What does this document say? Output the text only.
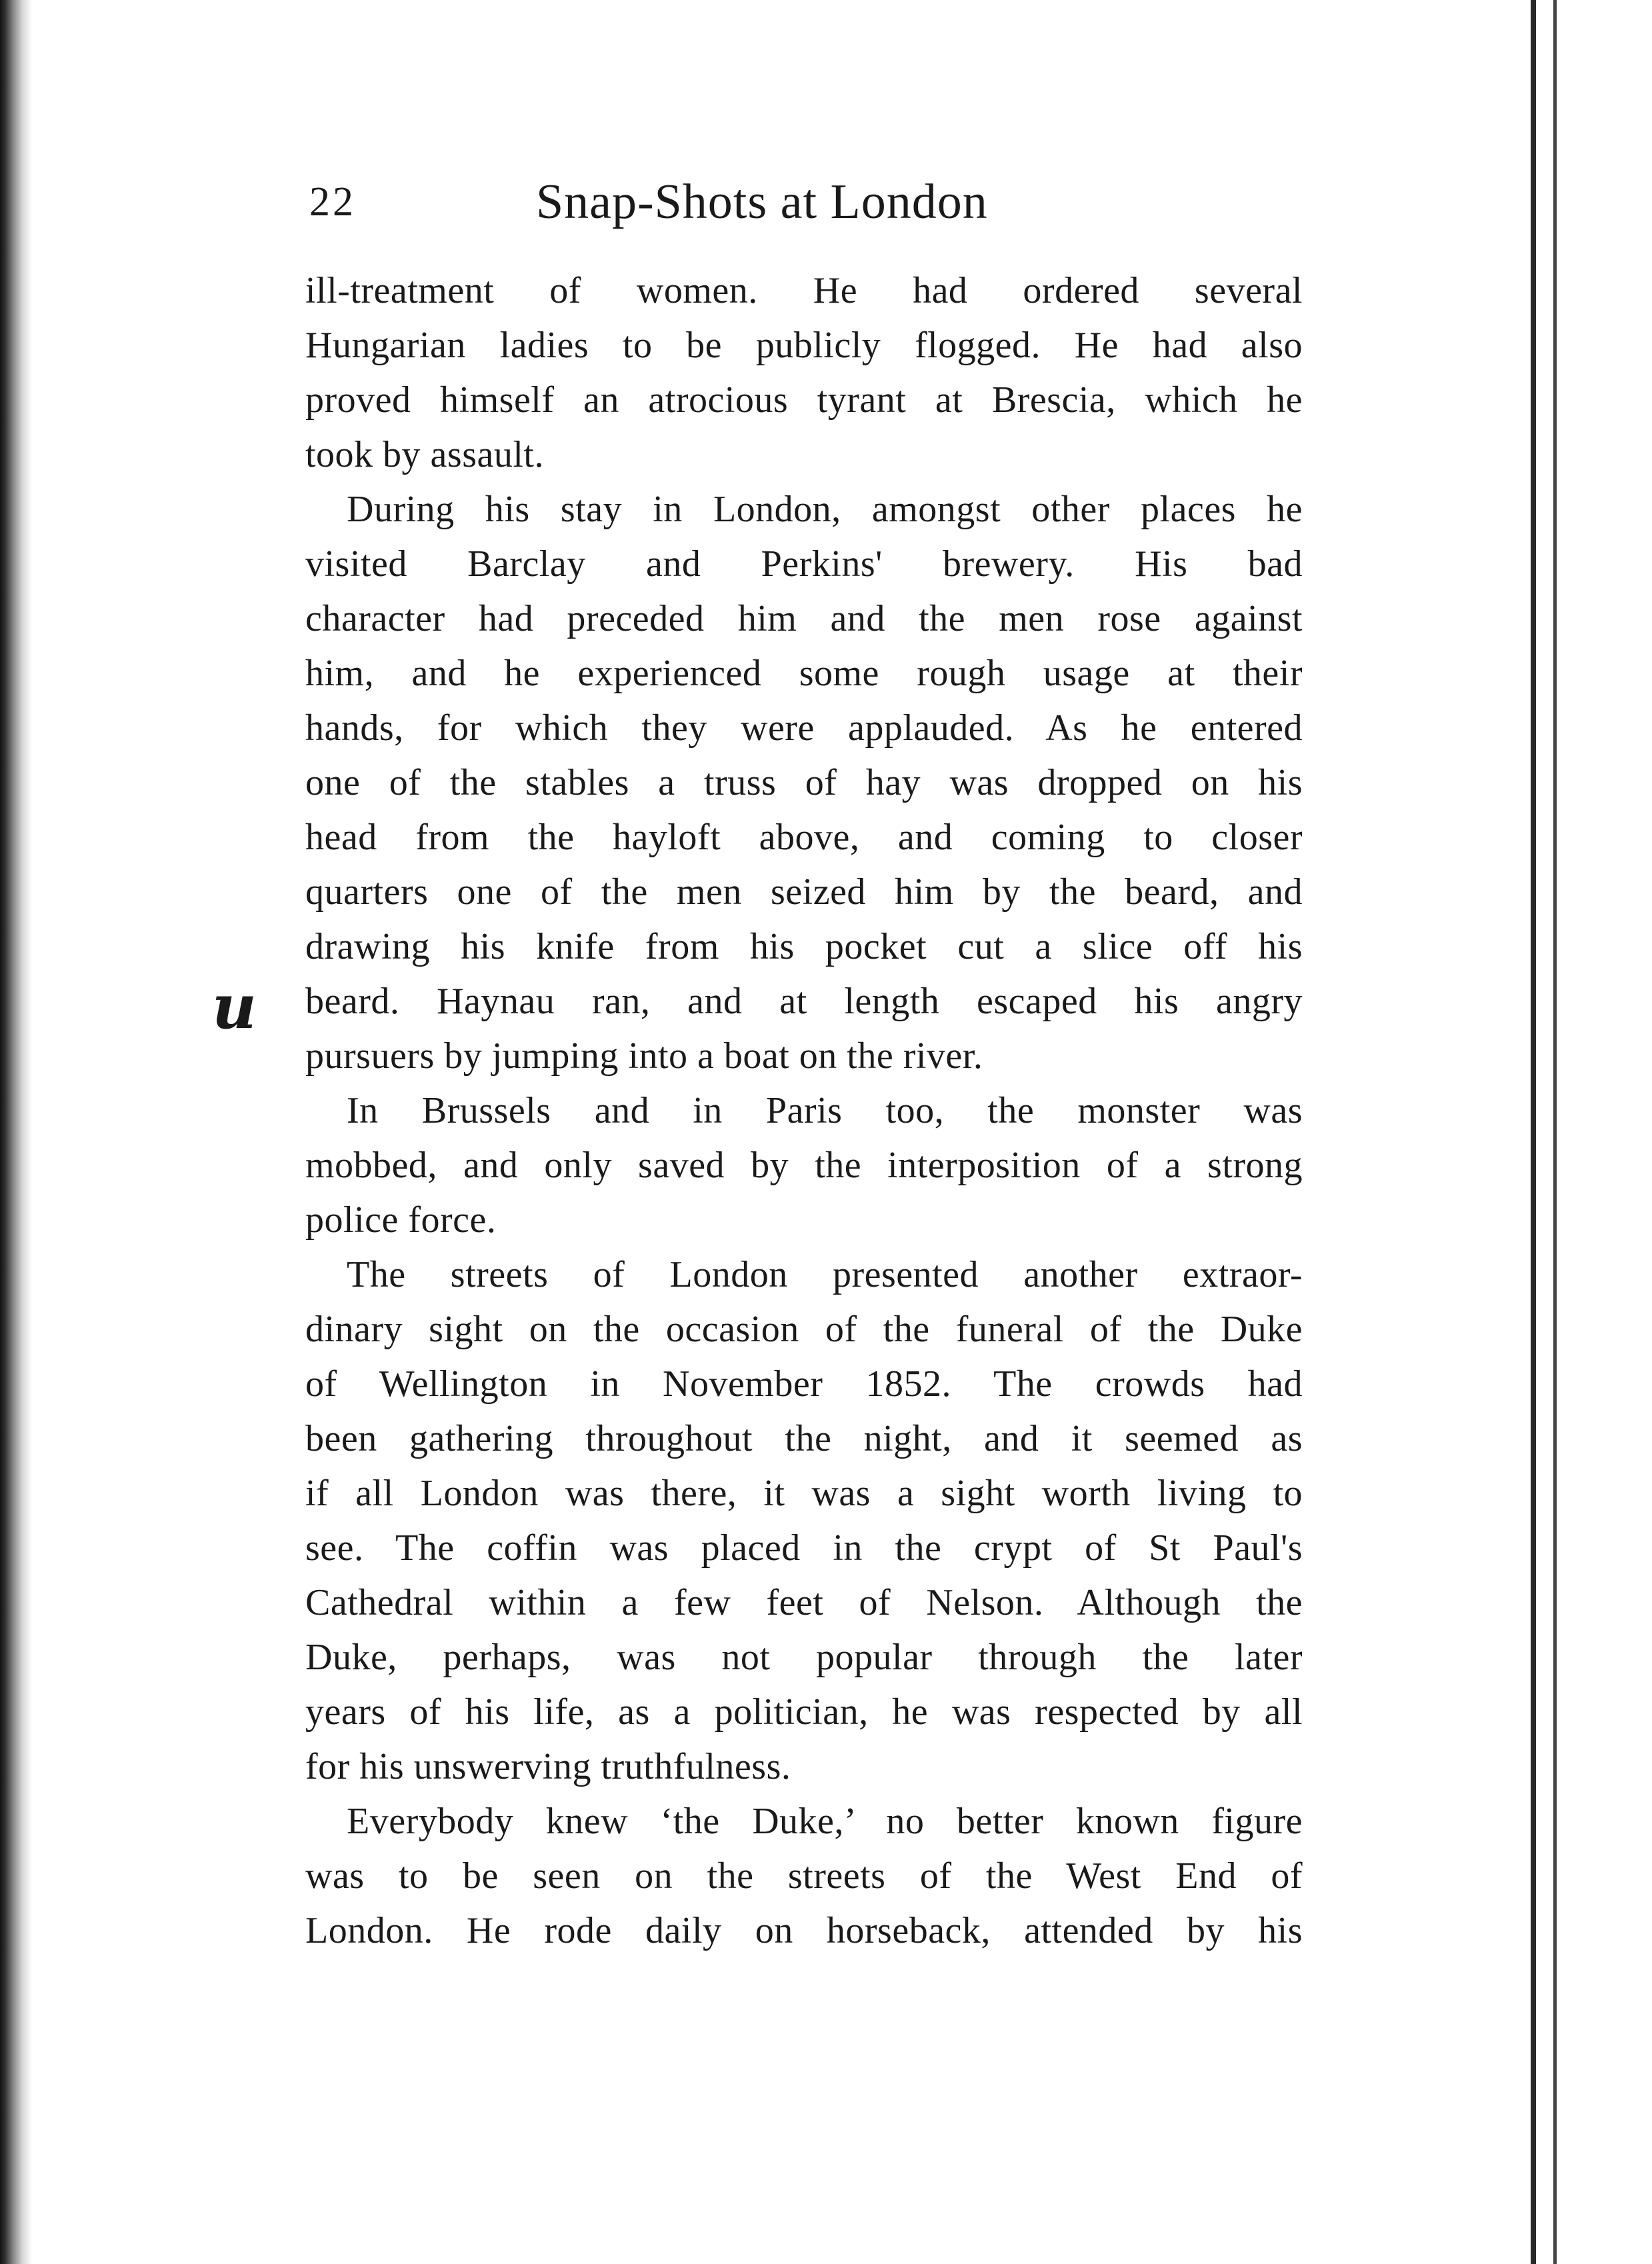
22	Snap-Shots at London
u
ill-treatment of women. He had ordered several
Hungarian ladies to be publicly flogged. He had also
proved himself an atrocious tyrant at Brescia, which he
took by assault.
During his stay in London, amongst other places he
visited Barclay and Perkins' brewery. His bad
character had preceded him and the men rose against
him, and he experienced some rough usage at their
hands, for which they were applauded. As he entered
one of the stables a truss of hay was dropped on his
head from the hayloft above, and coming to closer
quarters one of the men seized him by the beard, and
drawing his knife from his pocket cut a slice off his
beard. Haynau ran, and at length escaped his angry
pursuers by jumping into a boat on the river.
In Brussels and in Paris too, the monster was
mobbed, and only saved by the interposition of a strong
police force.
The streets of London presented another extraor-
dinary sight on the occasion of the funeral of the Duke
of Wellington in November 1852. The crowds had
been gathering throughout the night, and it seemed as
if all London was there, it was a sight worth living to
see. The coffin was placed in the crypt of St Paul's
Cathedral within a few feet of Nelson. Although the
Duke, perhaps, was not popular through the later
years of his life, as a politician, he was respected by all
for his unswerving truthfulness.
Everybody knew ‘the Duke,’ no better known figure
was to be seen on the streets of the West End of
London. He rode daily on horseback, attended by his
